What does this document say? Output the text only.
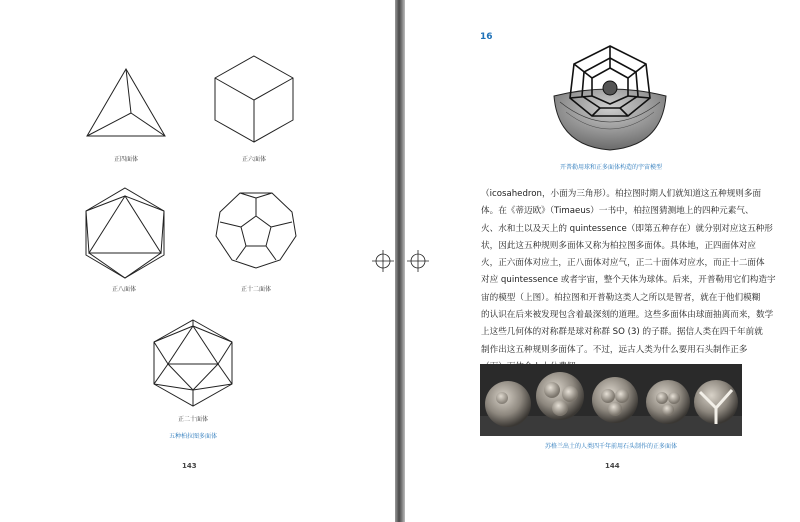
正四面体	正六面体
正八面体	正十二面体
正二十面体
五种柏拉图多面体
143
16
开普勒用球和正多面体构造的宇宙模型

（icosahedron，小面为三角形）。柏拉图时期人们就知道这五种规则多面

体。在《蒂迈欧》（Timaeus）一书中，柏拉图猜测地上的四种元素气、

火、水和土以及天上的 quintessence（即第五种存在）就分别对应这五种形

状，因此这五种规则多面体又称为柏拉图多面体。具体地，正四面体对应

火，正六面体对应土，正八面体对应气，正二十面体对应水，而正十二面体

对应 quintessence 或者宇宙，整个天体为球体。后来，开普勒用它们构造宇

宙的模型（上图）。柏拉图和开普勒这类人之所以是智者，就在于他们模糊

的认识在后来被发现包含着最深刻的道理。这些多面体由球面抽离而来，数学

上这些几何体的对称群是球对称群 SO (3) 的子群。据信人类在四千年前就

制作出这五种规则多面体了。不过，远古人类为什么要用石头制作正多

苏格兰出土的人类四千年前用石头制作的正多面体
144
